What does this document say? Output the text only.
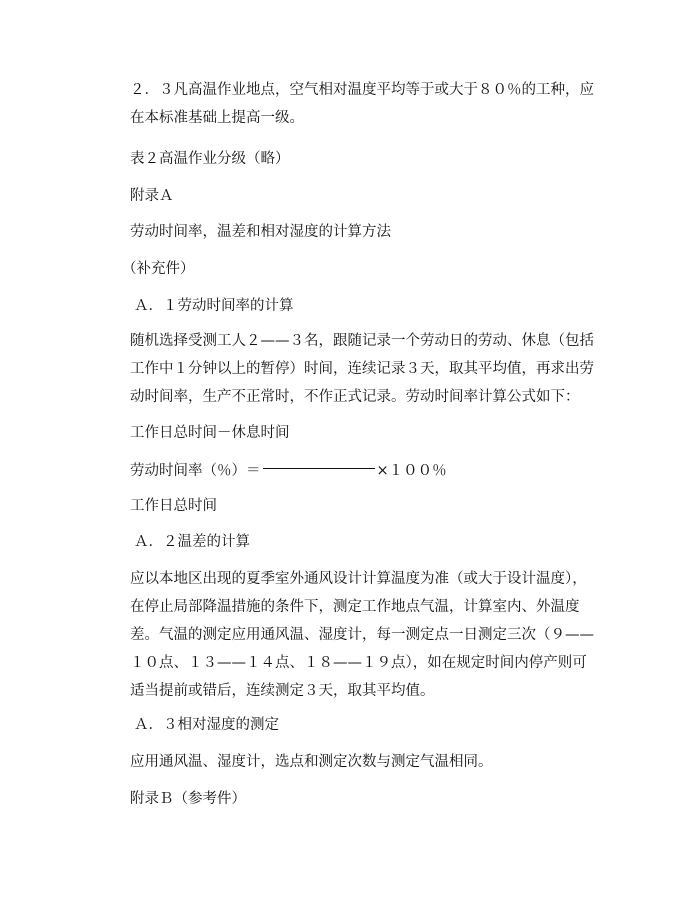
２．３凡高温作业地点，空气相对温度平均等于或大于８０％的工种，应在本标准基础上提高一级。
表２高温作业分级（略）
附录Ａ
劳动时间率，温差和相对湿度的计算方法
（补充件）
Ａ．１劳动时间率的计算
随机选择受测工人２——３名，跟随记录一个劳动日的劳动、休息（包括工作中１分钟以上的暂停）时间，连续记录３天，取其平均值，再求出劳动时间率，生产不正常时，不作正式记录。劳动时间率计算公式如下：
工作日总时间－休息时间
劳动时间率（％）＝	×１００％
工作日总时间
Ａ．２温差的计算
应以本地区出现的夏季室外通风设计计算温度为准（或大于设计温度），在停止局部降温措施的条件下，测定工作地点气温，计算室内、外温度差。气温的测定应用通风温、湿度计，每一测定点一日测定三次（９——１０点、１３——１４点、１８——１９点），如在规定时间内停产则可适当提前或错后，连续测定３天，取其平均值。
Ａ．３相对湿度的测定
应用通风温、湿度计，选点和测定次数与测定气温相同。
附录Ｂ（参考件）
